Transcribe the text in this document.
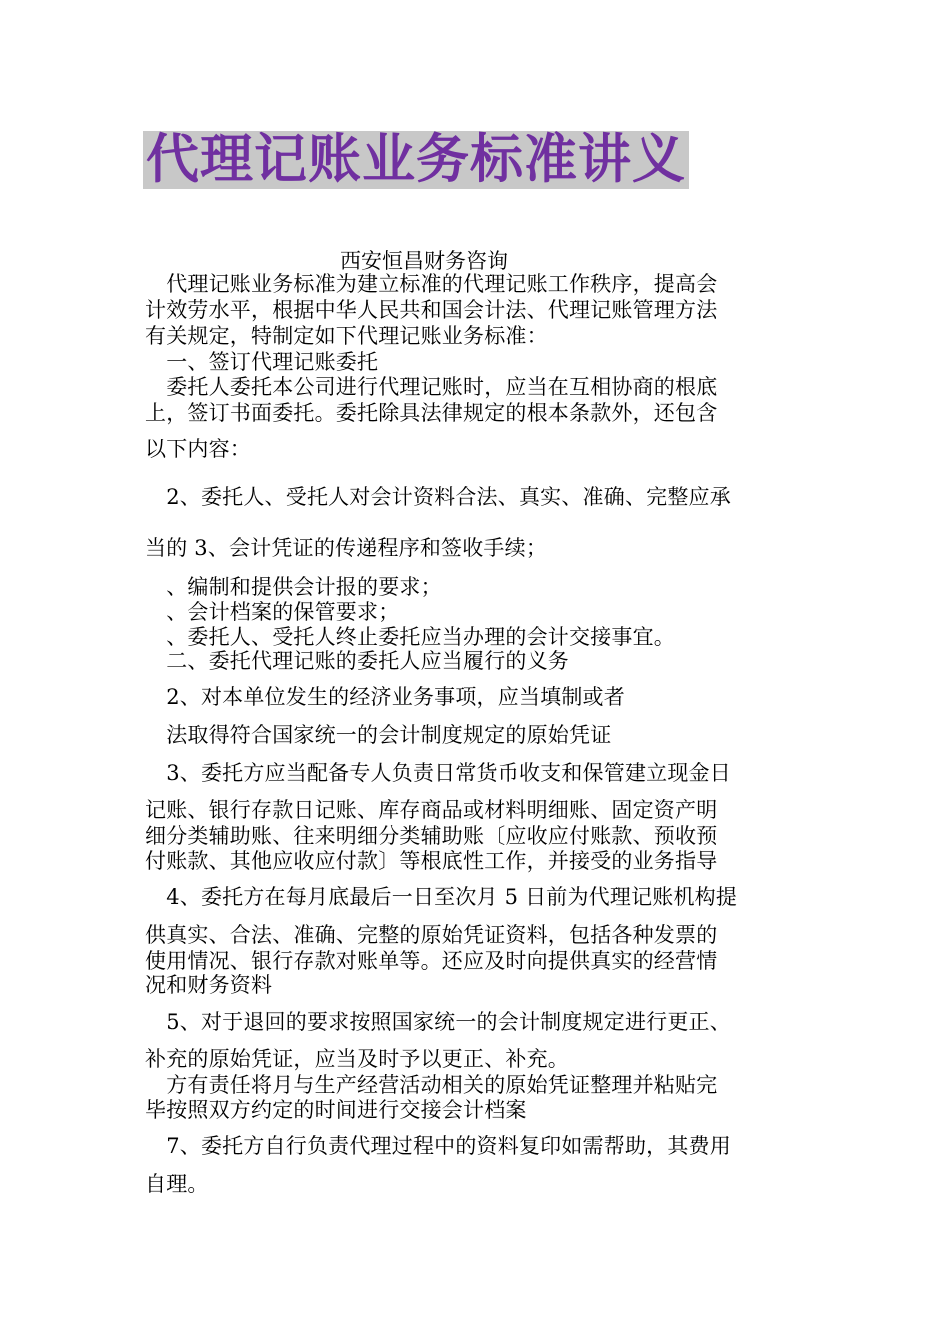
代理记账业务标准讲义
西安恒昌财务咨询
　代理记账业务标准为建立标准的代理记账工作秩序，提高会
计效劳水平，根据中华人民共和国会计法、代理记账管理方法
有关规定，特制定如下代理记账业务标准：
　一、签订代理记账委托
　委托人委托本公司进行代理记账时，应当在互相协商的根底
上，签订书面委托。委托除具法律规定的根本条款外，还包含
以下内容：
　2、委托人、受托人对会计资料合法、真实、准确、完整应承
当的 3、会计凭证的传递程序和签收手续；
　、编制和提供会计报的要求；
　、会计档案的保管要求；
　、委托人、受托人终止委托应当办理的会计交接事宜。
　二、委托代理记账的委托人应当履行的义务
　2、对本单位发生的经济业务事项，应当填制或者
　法取得符合国家统一的会计制度规定的原始凭证
　3、委托方应当配备专人负责日常货币收支和保管建立现金日
记账、银行存款日记账、库存商品或材料明细账、固定资产明
细分类辅助账、往来明细分类辅助账〔应收应付账款、预收预
付账款、其他应收应付款〕等根底性工作，并接受的业务指导
　4、委托方在每月底最后一日至次月 5 日前为代理记账机构提
供真实、合法、准确、完整的原始凭证资料，包括各种发票的
使用情况、银行存款对账单等。还应及时向提供真实的经营情
况和财务资料
　5、对于退回的要求按照国家统一的会计制度规定进行更正、
补充的原始凭证，应当及时予以更正、补充。
　方有责任将月与生产经营活动相关的原始凭证整理并粘贴完
毕按照双方约定的时间进行交接会计档案
　7、委托方自行负责代理过程中的资料复印如需帮助，其费用
自理。
